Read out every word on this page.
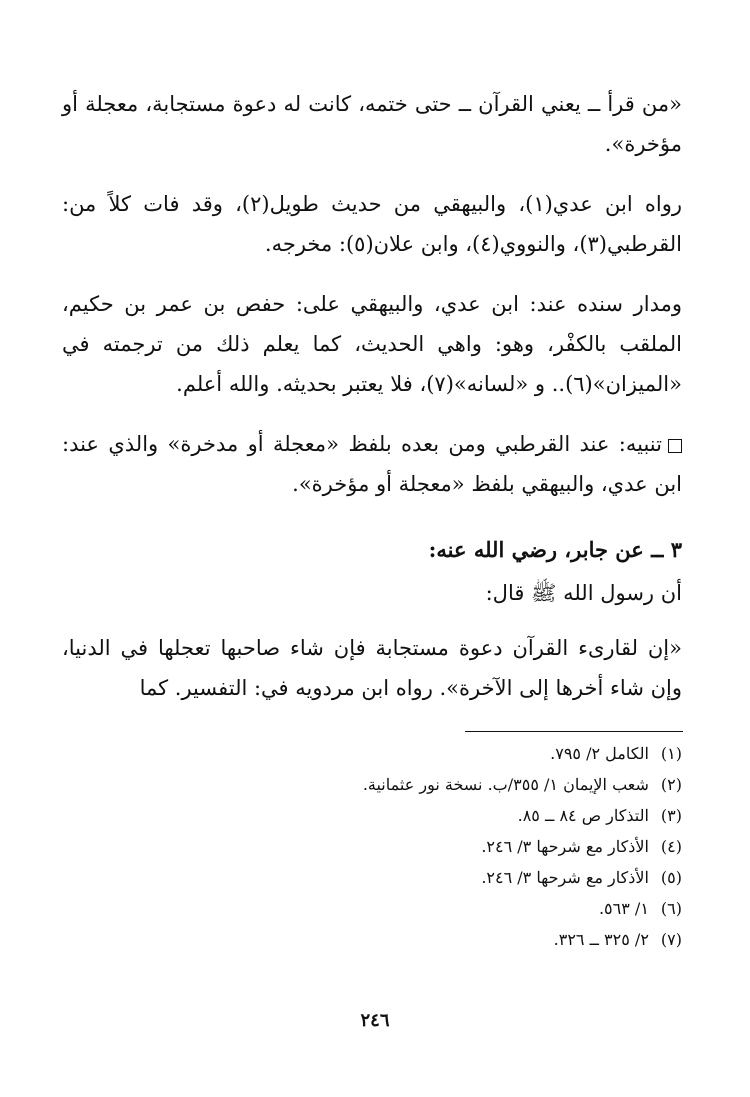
«من قرأ ــ يعني القرآن ــ حتى ختمه، كانت له دعوة مستجابة، معجلة أو مؤخرة».

رواه ابن عدي(١)، والبيهقي من حديث طويل(٢)، وقد فات كلاً من: القرطبي(٣)، والنووي(٤)، وابن علان(٥): مخرجه.

ومدار سنده عند: ابن عدي، والبيهقي على: حفص بن عمر بن حكيم، الملقب بالكفْر، وهو: واهي الحديث، كما يعلم ذلك من ترجمته في «الميزان»(٦).. و «لسانه»(٧)، فلا يعتبر بحديثه. والله أعلم.

تنبيه: عند القرطبي ومن بعده بلفظ «معجلة أو مدخرة» والذي عند: ابن عدي، والبيهقي بلفظ «معجلة أو مؤخرة».

٣ ــ عن جابر، رضي الله عنه:

أن رسول الله ﷺ قال:

«إن لقارىء القرآن دعوة مستجابة فإن شاء صاحبها تعجلها في الدنيا، وإن شاء أخرها إلى الآخرة». رواه ابن مردويه في: التفسير. كما

(١) الكامل ٢/ ٧٩٥.
(٢) شعب الإيمان ١/ ٣٥٥/ب. نسخة نور عثمانية.
(٣) التذكار ص ٨٤ ــ ٨٥.
(٤) الأذكار مع شرحها ٣/ ٢٤٦.
(٥) الأذكار مع شرحها ٣/ ٢٤٦.
(٦) ١/ ٥٦٣.
(٧) ٢/ ٣٢٥ ــ ٣٢٦.
٢٤٦
